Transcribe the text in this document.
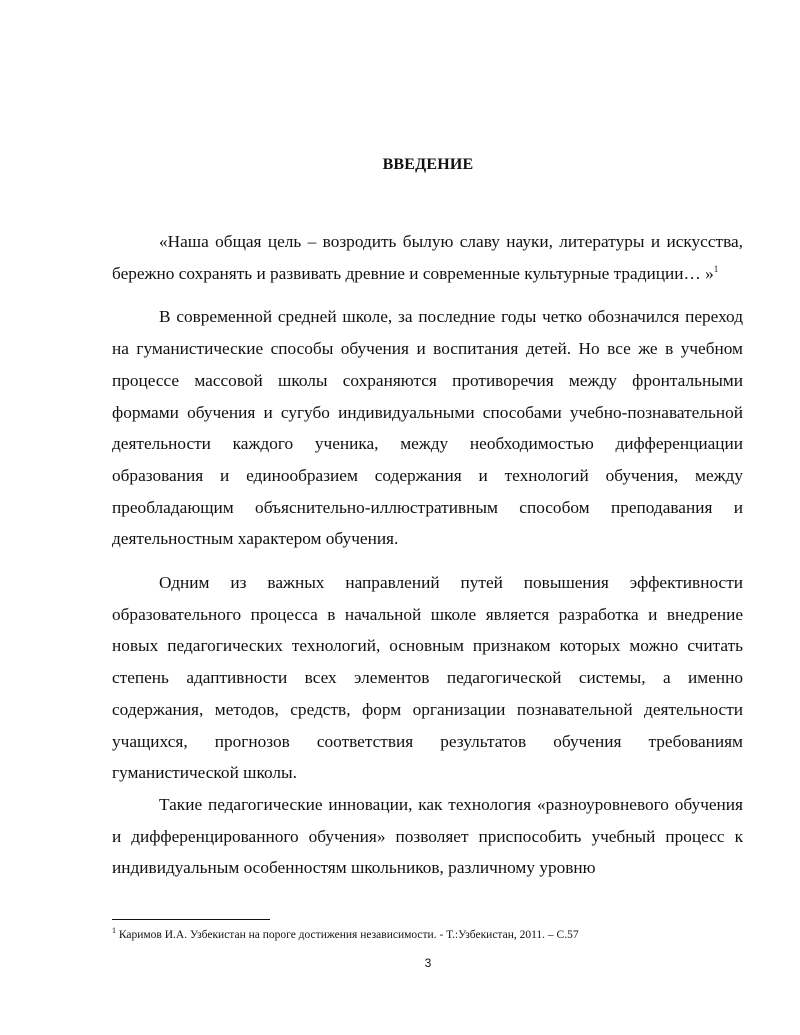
ВВЕДЕНИЕ

«Наша общая цель – возродить былую славу науки, литературы и искусства, бережно сохранять и развивать древние и современные культурные традиции… »$^1$

В современной средней школе, за последние годы четко обозначился переход на гуманистические способы обучения и воспитания детей. Но все же в учебном процессе массовой школы сохраняются противоречия между фронтальными формами обучения и сугубо индивидуальными способами учебно-познавательной деятельности каждого ученика, между необходимостью дифференциации образования и единообразием содержания и технологий обучения, между преобладающим объяснительно-иллюстративным способом преподавания и деятельностным характером обучения.

Одним из важных направлений путей повышения эффективности образовательного процесса в начальной школе является разработка и внедрение новых педагогических технологий, основным признаком которых можно считать степень адаптивности всех элементов педагогической системы, а именно содержания, методов, средств, форм организации познавательной деятельности учащихся, прогнозов соответствия результатов обучения требованиям гуманистической школы.

Такие педагогические инновации, как технология «разноуровневого обучения и дифференцированного обучения» позволяет приспособить учебный процесс к индивидуальным особенностям школьников, различному уровню

$^1$ Каримов И.А. Узбекистан на пороге достижения независимости. - Т.:Узбекистан, 2011. – С.57
3
